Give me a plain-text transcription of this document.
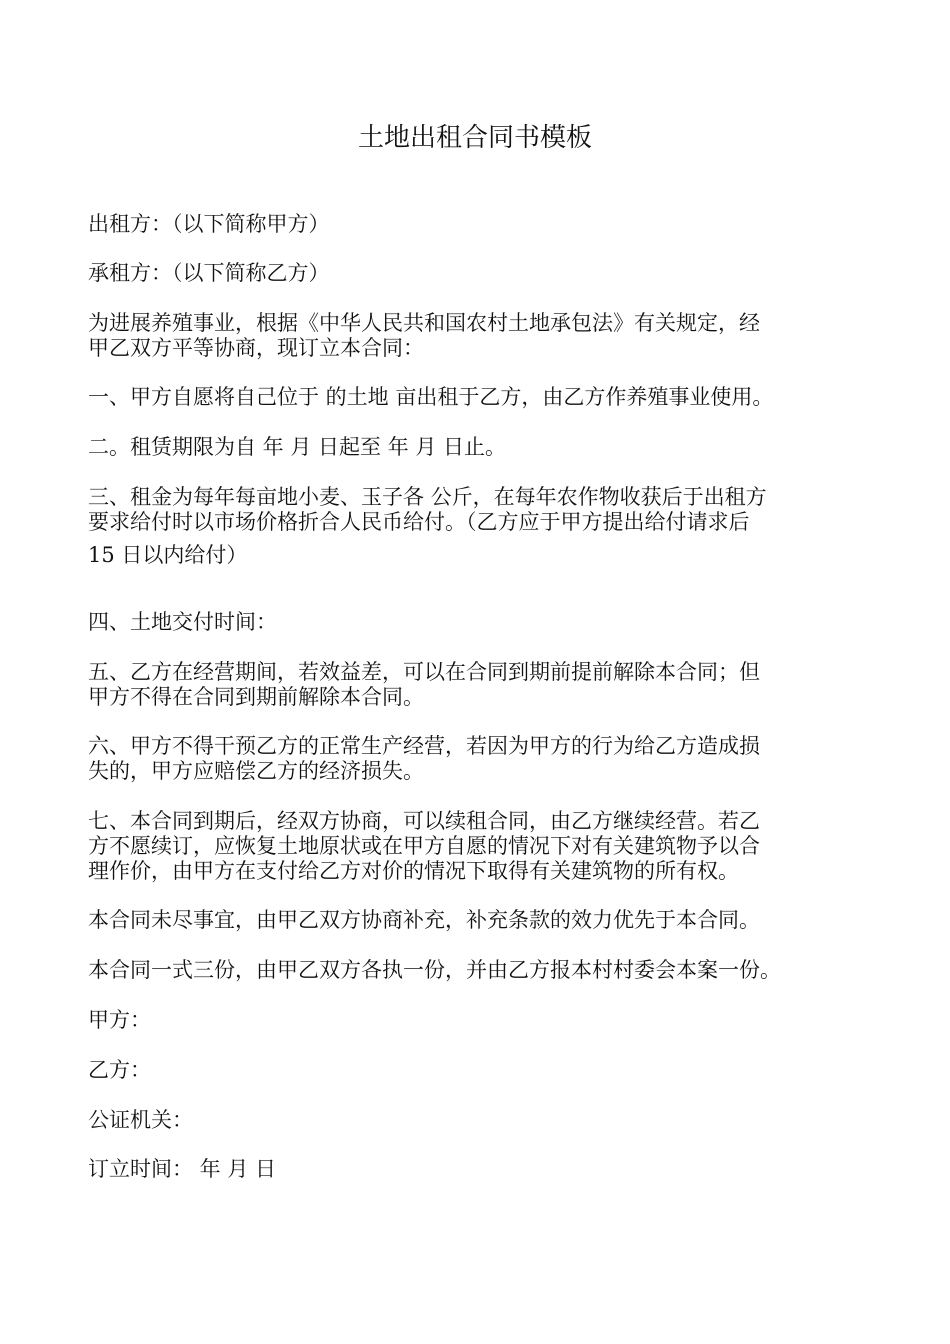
土地出租合同书模板

出租方：（以下简称甲方）

承租方：（以下简称乙方）

为进展养殖事业，根据《中华人民共和国农村土地承包法》有关规定，经
甲乙双方平等协商，现订立本合同：

一、甲方自愿将自己位于 的土地 亩出租于乙方，由乙方作养殖事业使用。

二。租赁期限为自 年 月 日起至 年 月 日止。

三、租金为每年每亩地小麦、玉子各 公斤，在每年农作物收获后于出租方
要求给付时以市场价格折合人民币给付。（乙方应于甲方提出给付请求后
15 日以内给付）

四、土地交付时间：

五、乙方在经营期间，若效益差，可以在合同到期前提前解除本合同；但
甲方不得在合同到期前解除本合同。

六、甲方不得干预乙方的正常生产经营，若因为甲方的行为给乙方造成损
失的，甲方应赔偿乙方的经济损失。

七、本合同到期后，经双方协商，可以续租合同，由乙方继续经营。若乙
方不愿续订，应恢复土地原状或在甲方自愿的情况下对有关建筑物予以合
理作价，由甲方在支付给乙方对价的情况下取得有关建筑物的所有权。

本合同未尽事宜，由甲乙双方协商补充，补充条款的效力优先于本合同。

本合同一式三份，由甲乙双方各执一份，并由乙方报本村村委会本案一份。

甲方：

乙方：

公证机关：

订立时间： 年 月 日
